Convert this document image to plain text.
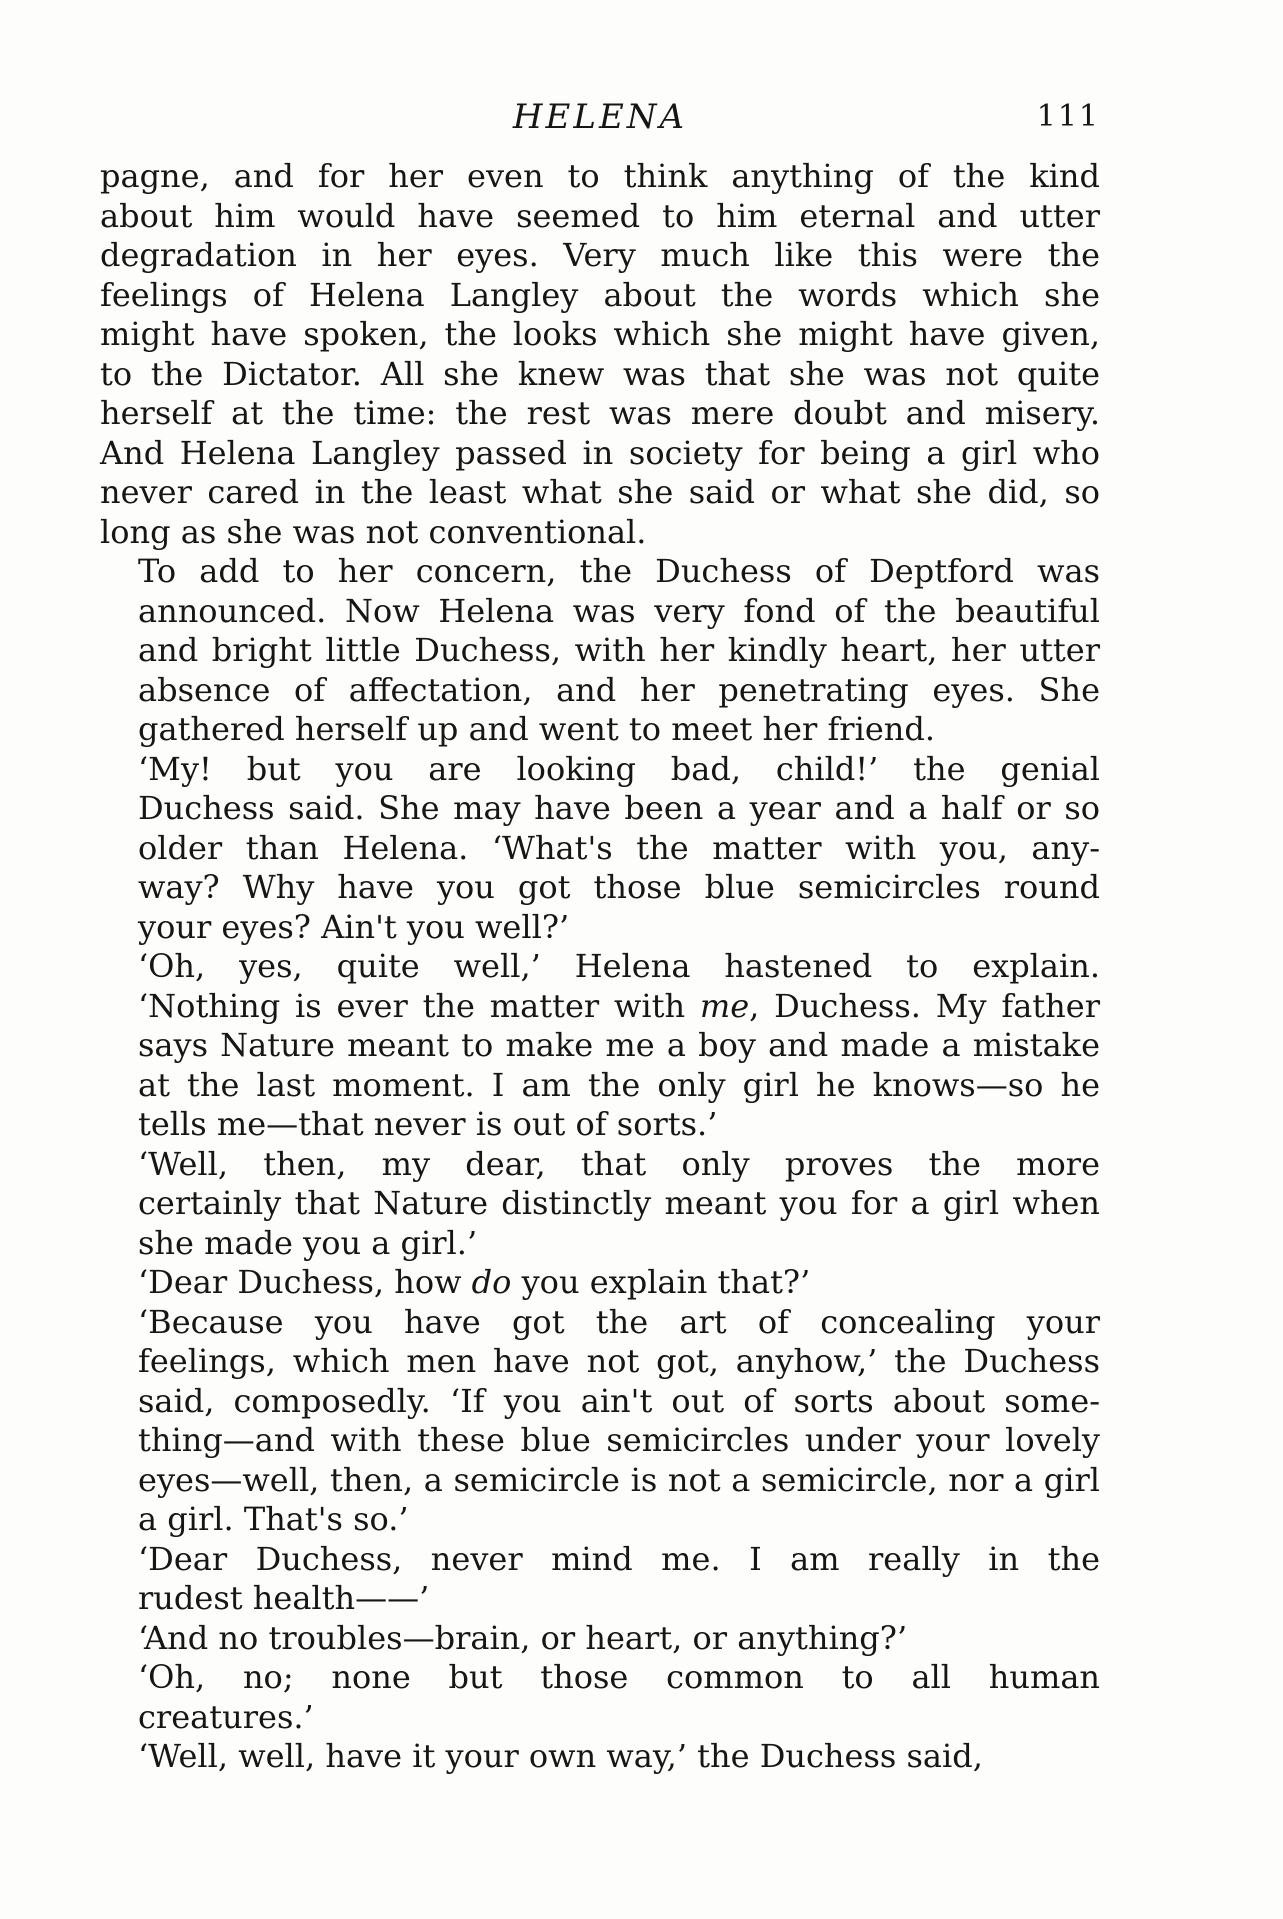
HELENA	111
pagne, and for her even to think anything of the kind
about him would have seemed to him eternal and utter
degradation in her eyes. Very much like this were the
feelings of Helena Langley about the words which she
might have spoken, the looks which she might have given,
to the Dictator. All she knew was that she was not quite
herself at the time: the rest was mere doubt and misery.
And Helena Langley passed in society for being a girl who
never cared in the least what she said or what she did, so
long as she was not conventional.
To add to her concern, the Duchess of Deptford was
announced. Now Helena was very fond of the beautiful
and bright little Duchess, with her kindly heart, her utter
absence of affectation, and her penetrating eyes. She
gathered herself up and went to meet her friend.
‘My! but you are looking bad, child!’ the genial
Duchess said. She may have been a year and a half or so
older than Helena. ‘What's the matter with you, any-
way? Why have you got those blue semicircles round
your eyes? Ain't you well?’
‘Oh, yes, quite well,’ Helena hastened to explain.
‘Nothing is ever the matter with me, Duchess. My father
says Nature meant to make me a boy and made a mistake
at the last moment. I am the only girl he knows—so he
tells me—that never is out of sorts.’
‘Well, then, my dear, that only proves the more
certainly that Nature distinctly meant you for a girl when
she made you a girl.’
‘Dear Duchess, how do you explain that?’
‘Because you have got the art of concealing your
feelings, which men have not got, anyhow,’ the Duchess
said, composedly. ‘If you ain't out of sorts about some-
thing—and with these blue semicircles under your lovely
eyes—well, then, a semicircle is not a semicircle, nor a girl
a girl. That's so.’
‘Dear Duchess, never mind me. I am really in the
rudest health——’
‘And no troubles—brain, or heart, or anything?’
‘Oh, no; none but those common to all human
creatures.’
‘Well, well, have it your own way,’ the Duchess said,
